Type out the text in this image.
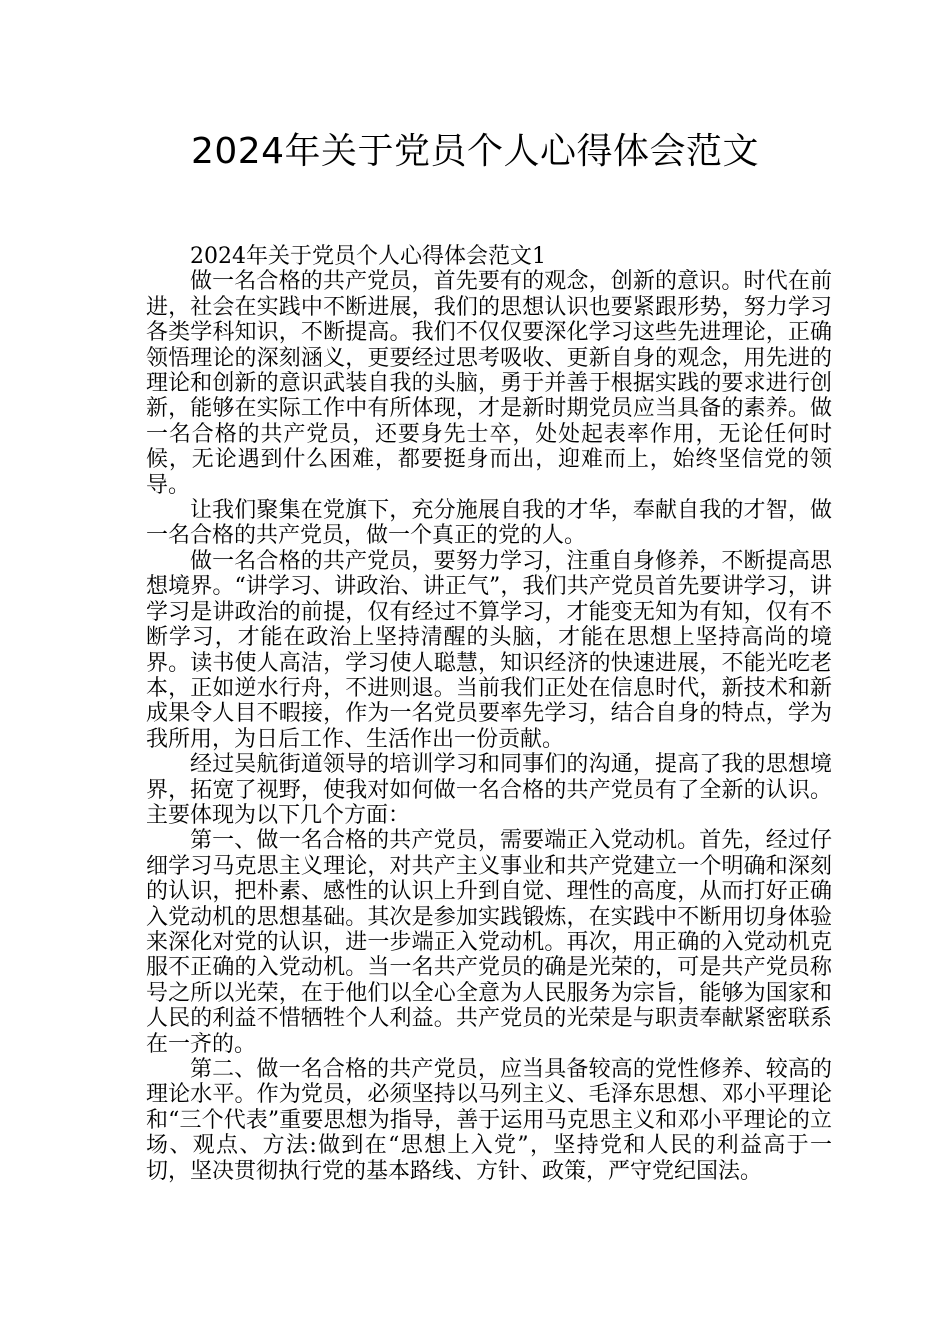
2024年关于党员个人心得体会范文

2024年关于党员个人心得体会范文1

做一名合格的共产党员，首先要有的观念，创新的意识。时代在前进，社会在实践中不断进展，我们的思想认识也要紧跟形势，努力学习各类学科知识，不断提高。我们不仅仅要深化学习这些先进理论，正确领悟理论的深刻涵义，更要经过思考吸收、更新自身的观念，用先进的理论和创新的意识武装自我的头脑，勇于并善于根据实践的要求进行创新，能够在实际工作中有所体现，才是新时期党员应当具备的素养。做一名合格的共产党员，还要身先士卒，处处起表率作用，无论任何时候，无论遇到什么困难，都要挺身而出，迎难而上，始终坚信党的领导。

让我们聚集在党旗下，充分施展自我的才华，奉献自我的才智，做一名合格的共产党员，做一个真正的党的人。

做一名合格的共产党员，要努力学习，注重自身修养，不断提高思想境界。“讲学习、讲政治、讲正气”，我们共产党员首先要讲学习，讲学习是讲政治的前提，仅有经过不算学习，才能变无知为有知，仅有不断学习，才能在政治上坚持清醒的头脑，才能在思想上坚持高尚的境界。读书使人高洁，学习使人聪慧，知识经济的快速进展，不能光吃老本，正如逆水行舟，不进则退。当前我们正处在信息时代，新技术和新成果令人目不暇接，作为一名党员要率先学习，结合自身的特点，学为我所用，为日后工作、生活作出一份贡献。

经过吴航街道领导的培训学习和同事们的沟通，提高了我的思想境界，拓宽了视野，使我对如何做一名合格的共产党员有了全新的认识。主要体现为以下几个方面：

第一、做一名合格的共产党员，需要端正入党动机。首先，经过仔细学习马克思主义理论，对共产主义事业和共产党建立一个明确和深刻的认识，把朴素、感性的认识上升到自觉、理性的高度，从而打好正确入党动机的思想基础。其次是参加实践锻炼，在实践中不断用切身体验来深化对党的认识，进一步端正入党动机。再次，用正确的入党动机克服不正确的入党动机。当一名共产党员的确是光荣的，可是共产党员称号之所以光荣，在于他们以全心全意为人民服务为宗旨，能够为国家和人民的利益不惜牺牲个人利益。共产党员的光荣是与职责奉献紧密联系在一齐的。

第二、做一名合格的共产党员，应当具备较高的党性修养、较高的理论水平。作为党员，必须坚持以马列主义、毛泽东思想、邓小平理论和“三个代表”重要思想为指导，善于运用马克思主义和邓小平理论的立场、观点、方法:做到在“思想上入党”，坚持党和人民的利益高于一切，坚决贯彻执行党的基本路线、方针、政策，严守党纪国法。
